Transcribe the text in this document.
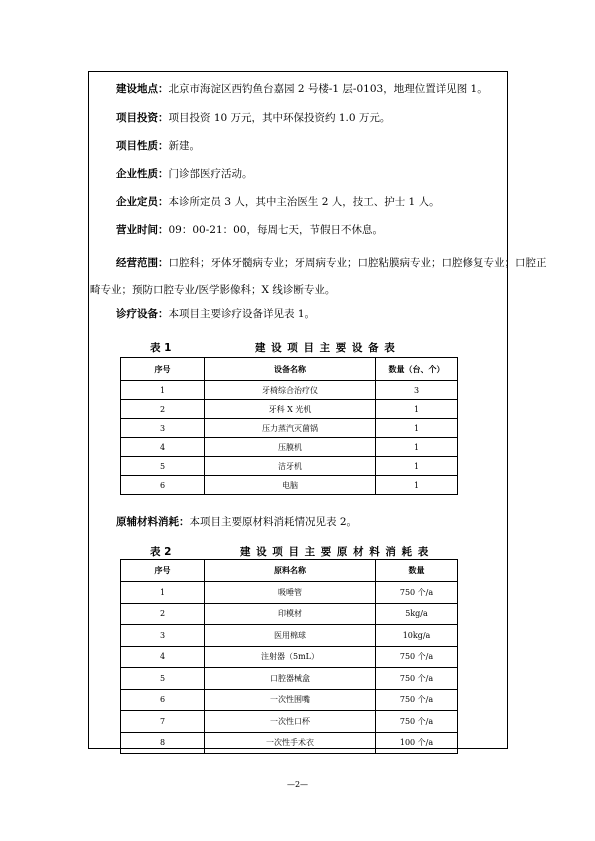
建设地点：北京市海淀区西钓鱼台嘉园 2 号楼-1 层-0103，地理位置详见图 1。
项目投资：项目投资 10 万元，其中环保投资约 1.0 万元。
项目性质：新建。
企业性质：门诊部医疗活动。
企业定员：本诊所定员 3 人，其中主治医生 2 人，技工、护士 1 人。
营业时间：09：00-21：00，每周七天，节假日不休息。
经营范围：口腔科；牙体牙髓病专业；牙周病专业；口腔粘膜病专业；口腔修复专业；口腔正畸专业；预防口腔专业/医学影像科；X 线诊断专业。
诊疗设备：本项目主要诊疗设备详见表 1。
表 1	建 设 项 目 主 要 设 备 表
序号	设备名称	数量（台、个）
1	牙椅综合治疗仪	3
2	牙科 X 光机	1
3	压力蒸汽灭菌锅	1
4	压膜机	1
5	洁牙机	1
6	电脑	1
原辅材料消耗：本项目主要原材料消耗情况见表 2。
表 2	建 设 项 目 主 要 原 材 料 消 耗 表
序号	原料名称	数量
1	吸唾管	750 个/a
2	印模材	5kg/a
3	医用棉球	10kg/a
4	注射器（5mL）	750 个/a
5	口腔器械盒	750 个/a
6	一次性围嘴	750 个/a
7	一次性口杯	750 个/a
8	一次性手术衣	100 个/a
—2—
